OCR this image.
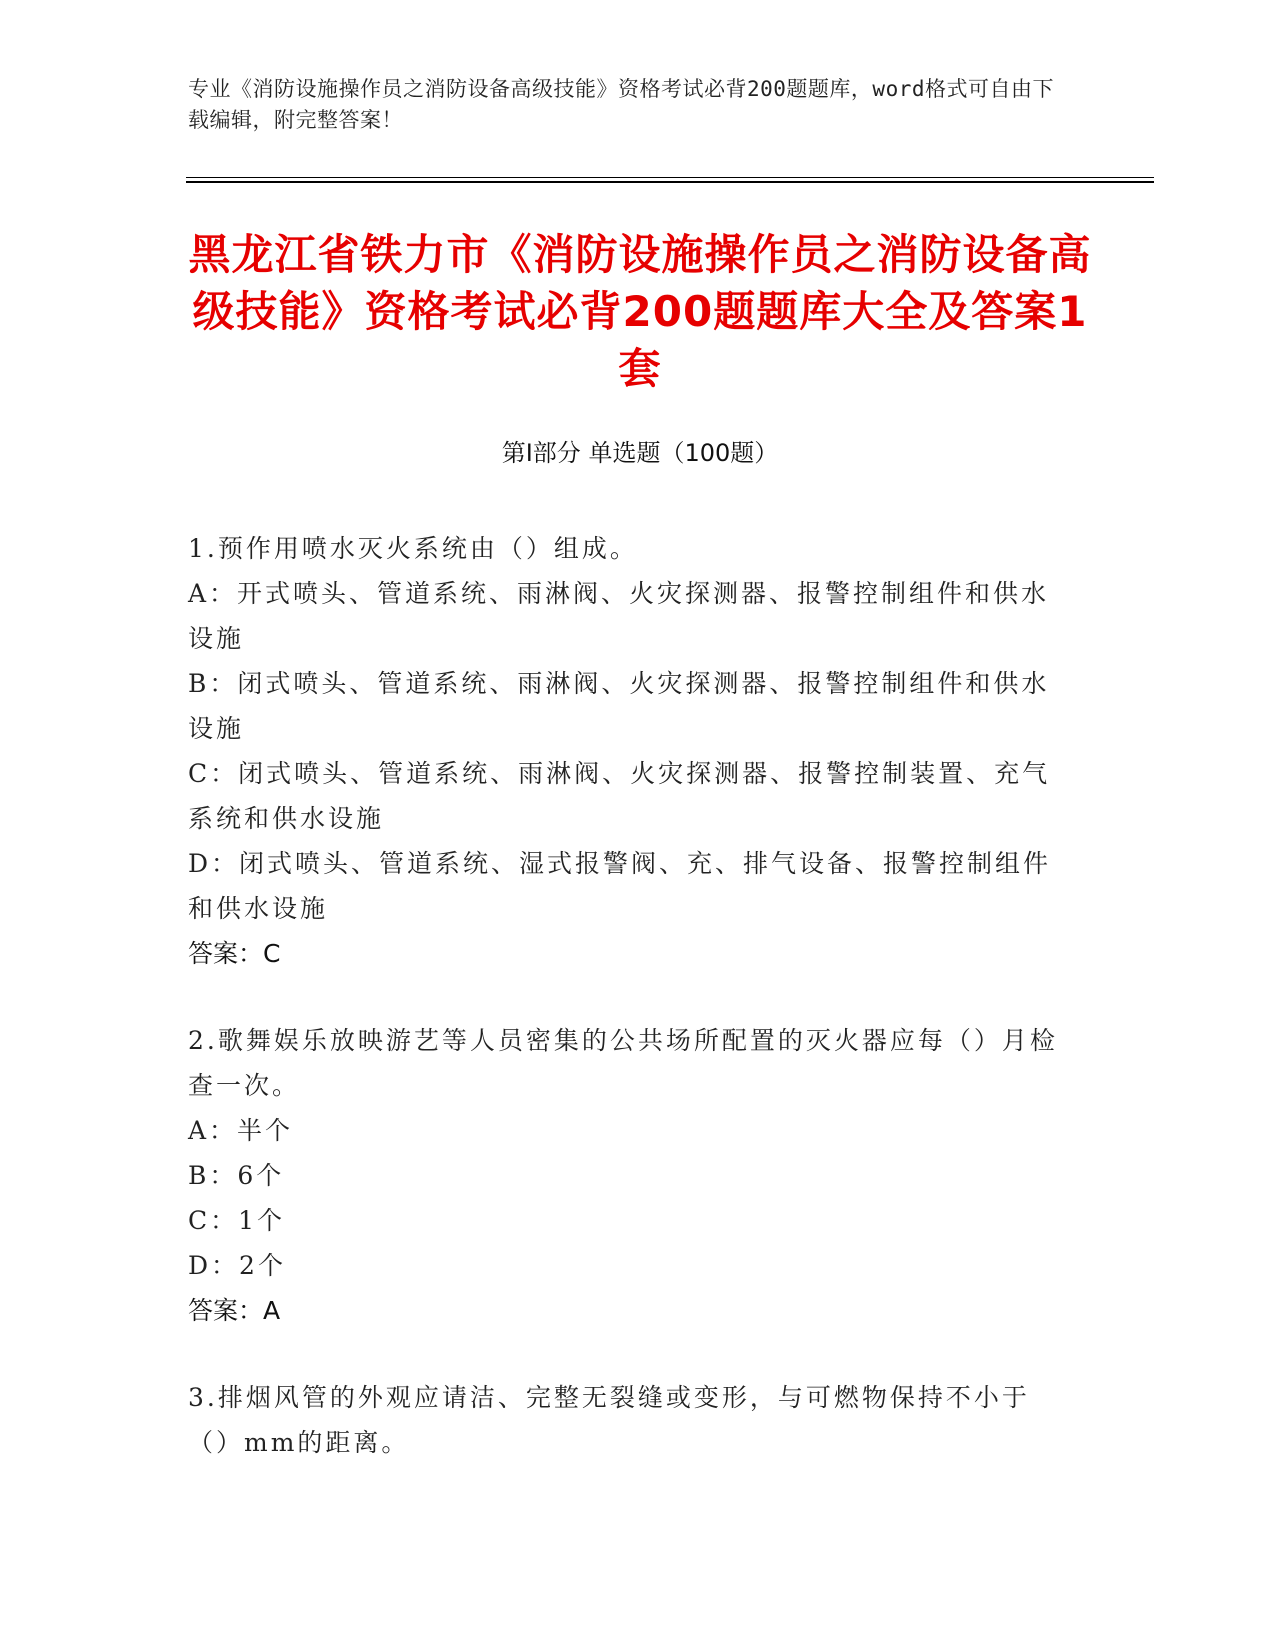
专业《消防设施操作员之消防设备高级技能》资格考试必背200题题库，word格式可自由下载编辑，附完整答案！
黑龙江省铁力市《消防设施操作员之消防设备高级技能》资格考试必背200题题库大全及答案1套
第Ⅰ部分 单选题（100题）
1.预作用喷水灭火系统由（）组成。
A：开式喷头、管道系统、雨淋阀、火灾探测器、报警控制组件和供水设施
B：闭式喷头、管道系统、雨淋阀、火灾探测器、报警控制组件和供水设施
C：闭式喷头、管道系统、雨淋阀、火灾探测器、报警控制装置、充气系统和供水设施
D：闭式喷头、管道系统、湿式报警阀、充、排气设备、报警控制组件和供水设施
答案：C
2.歌舞娱乐放映游艺等人员密集的公共场所配置的灭火器应每（）月检查一次。
A：半个
B：6个
C：1个
D：2个
答案：A
3.排烟风管的外观应请洁、完整无裂缝或变形，与可燃物保持不小于（）mm的距离。
